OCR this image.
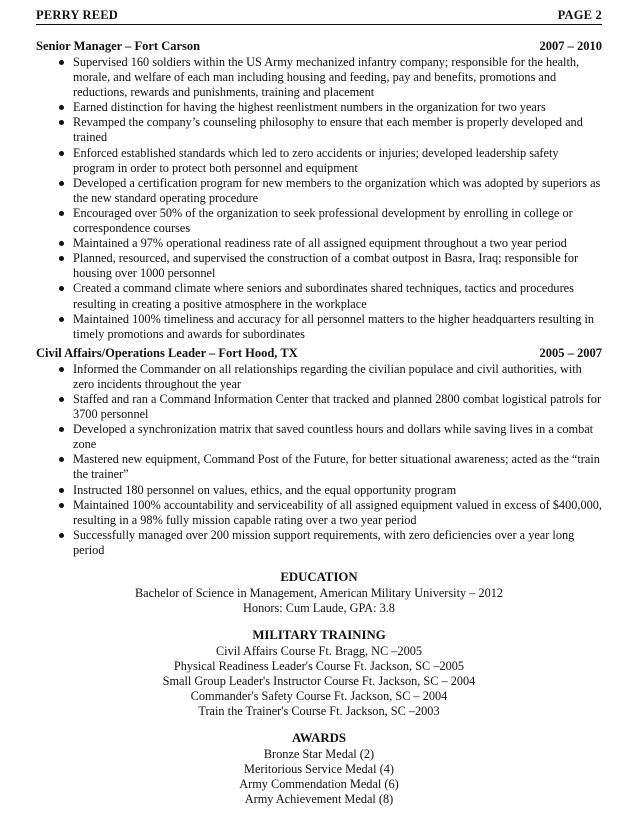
PERRY REED	PAGE 2
Senior Manager – Fort Carson	2007 – 2010
Supervised 160 soldiers within the US Army mechanized infantry company; responsible for the health, morale, and welfare of each man including housing and feeding, pay and benefits, promotions and reductions, rewards and punishments, training and placement
Earned distinction for having the highest reenlistment numbers in the organization for two years
Revamped the company’s counseling philosophy to ensure that each member is properly developed and trained
Enforced established standards which led to zero accidents or injuries; developed leadership safety program in order to protect both personnel and equipment
Developed a certification program for new members to the organization which was adopted by superiors as the new standard operating procedure
Encouraged over 50% of the organization to seek professional development by enrolling in college or correspondence courses
Maintained a 97% operational readiness rate of all assigned equipment throughout a two year period
Planned, resourced, and supervised the construction of a combat outpost in Basra, Iraq; responsible for housing over 1000 personnel
Created a command climate where seniors and subordinates shared techniques, tactics and procedures resulting in creating a positive atmosphere in the workplace
Maintained 100% timeliness and accuracy for all personnel matters to the higher headquarters resulting in timely promotions and awards for subordinates
Civil Affairs/Operations Leader – Fort Hood, TX	2005 – 2007
Informed the Commander on all relationships regarding the civilian populace and civil authorities, with zero incidents throughout the year
Staffed and ran a Command Information Center that tracked and planned 2800 combat logistical patrols for 3700 personnel
Developed a synchronization matrix that saved countless hours and dollars while saving lives in a combat zone
Mastered new equipment, Command Post of the Future, for better situational awareness; acted as the “train the trainer”
Instructed 180 personnel on values, ethics, and the equal opportunity program
Maintained 100% accountability and serviceability of all assigned equipment valued in excess of $400,000, resulting in a 98% fully mission capable rating over a two year period
Successfully managed over 200 mission support requirements, with zero deficiencies over a year long period
EDUCATION
Bachelor of Science in Management, American Military University – 2012
Honors: Cum Laude, GPA: 3.8
MILITARY TRAINING
Civil Affairs Course Ft. Bragg, NC –2005
Physical Readiness Leader's Course Ft. Jackson, SC –2005
Small Group Leader's Instructor Course Ft. Jackson, SC – 2004
Commander's Safety Course Ft. Jackson, SC – 2004
Train the Trainer's Course Ft. Jackson, SC –2003
AWARDS
Bronze Star Medal (2)
Meritorious Service Medal (4)
Army Commendation Medal (6)
Army Achievement Medal (8)
